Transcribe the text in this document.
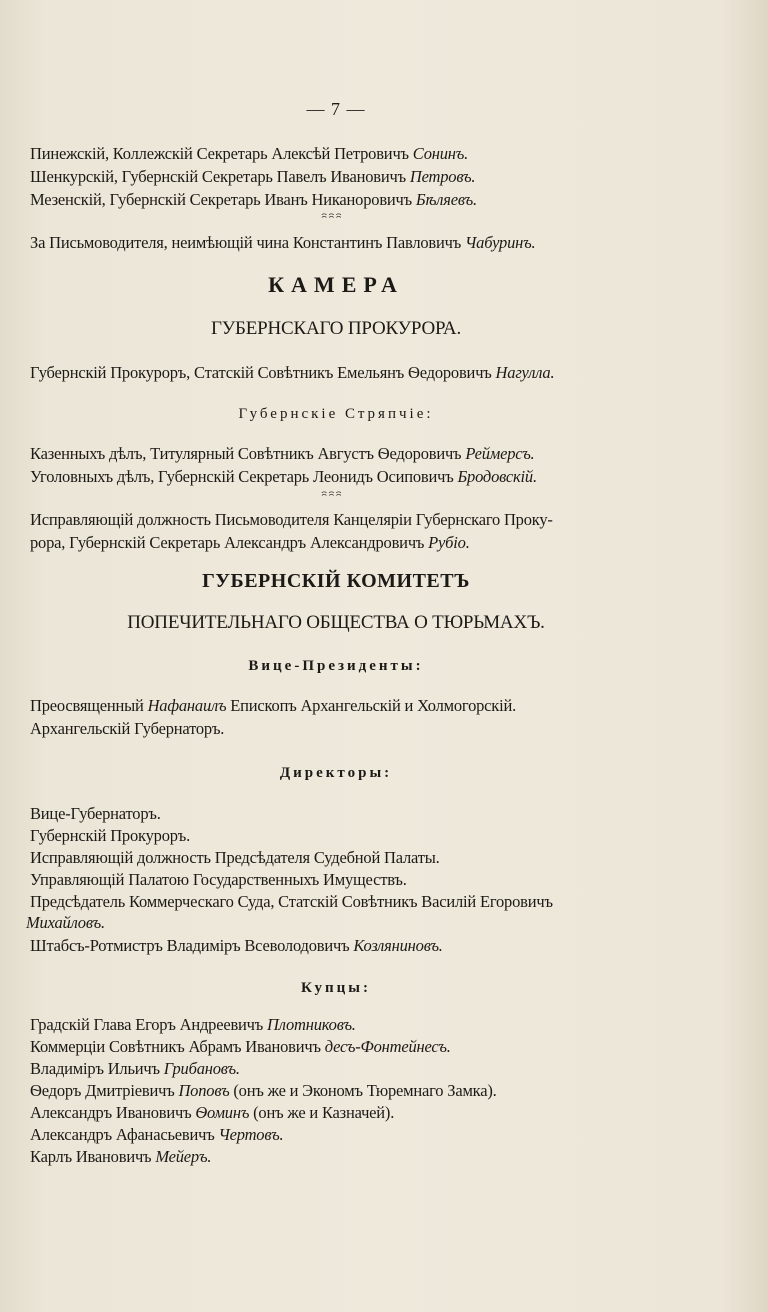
— 7 —
Пинежскій, Коллежскій Секретарь Алексѣй Петровичъ Сонинъ.
Шенкурскій, Губернскій Секретарь Павелъ Ивановичъ Петровъ.
Мезенскій, Губернскій Секретарь Иванъ Никаноровичъ Бѣляевъ.
ꩰ ꩰ ꩰ
За Письмоводителя, неимѣющій чина Константинъ Павловичъ Чабуринъ.
КАМЕРА
ГУБЕРНСКАГО ПРОКУРОРА.
Губернскій Прокуроръ, Статскій Совѣтникъ Емельянъ Ѳедоровичъ Нагулла.
Губернскіе Стряпчіе:
Казенныхъ дѣлъ, Титулярный Совѣтникъ Августъ Ѳедоровичъ Реймерсъ.
Уголовныхъ дѣлъ, Губернскій Секретарь Леонидъ Осиповичъ Бродовскій.
ꩰ ꩰ ꩰ
Исправляющій должность Письмоводителя Канцеляріи Губернскаго Проку-
рора, Губернскій Секретарь Александръ Александровичъ Рубіо.
ГУБЕРНСКІЙ КОМИТЕТЪ
ПОПЕЧИТЕЛЬНАГО ОБЩЕСТВА О ТЮРЬМАХЪ.
Вице-Президенты:
Преосвященный Нафанаилъ Епископъ Архангельскій и Холмогорскій.
Архангельскій Губернаторъ.
Директоры:
Вице-Губернаторъ.
Губернскій Прокуроръ.
Исправляющій должность Предсѣдателя Судебной Палаты.
Управляющій Палатою Государственныхъ Имуществъ.
Предсѣдатель Коммерческаго Суда, Статскій Совѣтникъ Василій Егоровичъ
Михайловъ.
Штабсъ-Ротмистръ Владиміръ Всеволодовичъ Козляниновъ.
Купцы:
Градскій Глава Егоръ Андреевичъ Плотниковъ.
Коммерціи Совѣтникъ Абрамъ Ивановичъ десъ-Фонтейнесъ.
Владиміръ Ильичъ Грибановъ.
Ѳедоръ Дмитріевичъ Поповъ (онъ же и Экономъ Тюремнаго Замка).
Александръ Ивановичъ Ѳоминъ (онъ же и Казначей).
Александръ Афанасьевичъ Чертовъ.
Карлъ Ивановичъ Мейеръ.
